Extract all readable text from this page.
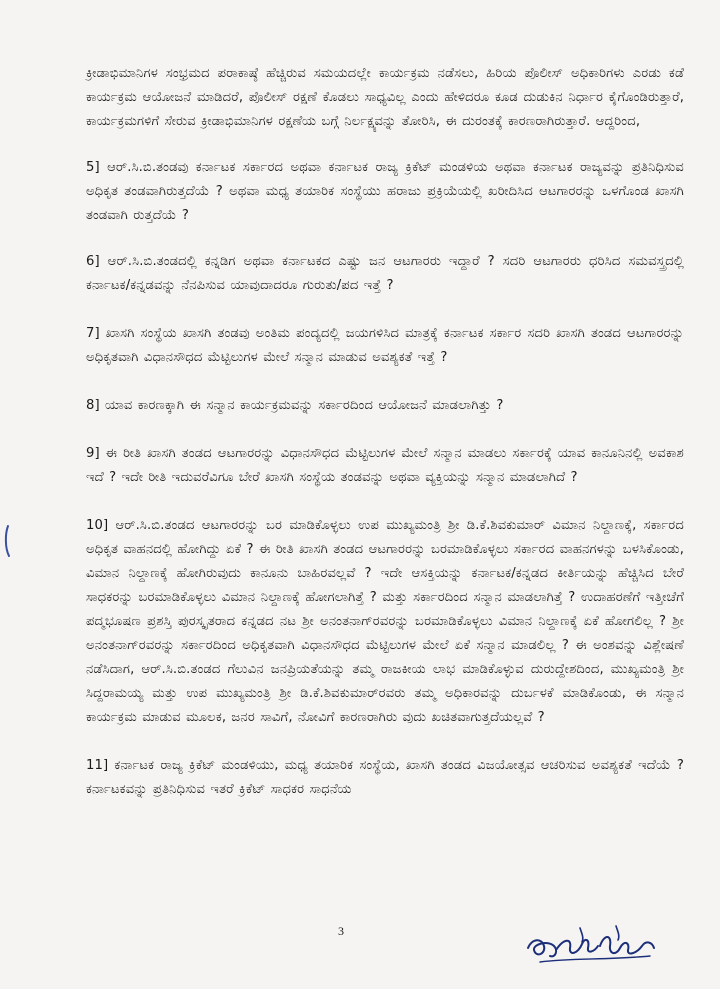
ಕ್ರೀಡಾಭಿಮಾನಿಗಳ ಸಂಭ್ರಮದ ಪರಾಕಾಷ್ಠೆ ಹೆಚ್ಚಿರುವ ಸಮಯದಲ್ಲೇ ಕಾರ್ಯಕ್ರಮ ನಡೆಸಲು, ಹಿರಿಯ ಪೊಲೀಸ್ ಅಧಿಕಾರಿಗಳು ಎರಡು ಕಡೆ ಕಾರ್ಯಕ್ರಮ ಆಯೋಜನೆ ಮಾಡಿದರೆ, ಪೊಲೀಸ್ ರಕ್ಷಣೆ ಕೊಡಲು ಸಾಧ್ಯವಿಲ್ಲ ಎಂದು ಹೇಳಿದರೂ ಕೂಡ ದುಡುಕಿನ ನಿರ್ಧಾರ ಕೈಗೊಂಡಿರುತ್ತಾರೆ, ಕಾರ್ಯಕ್ರಮಗಳಿಗೆ ಸೇರುವ ಕ್ರೀಡಾಭಿಮಾನಿಗಳ ರಕ್ಷಣೆಯ ಬಗ್ಗೆ ನಿರ್ಲಕ್ಷ್ಯವನ್ನು ತೋರಿಸಿ, ಈ ದುರಂತಕ್ಕೆ ಕಾರಣರಾಗಿರುತ್ತಾರೆ. ಆದ್ದರಿಂದ,

5] ಆರ್.ಸಿ.ಬಿ.ತಂಡವು ಕರ್ನಾಟಕ ಸರ್ಕಾರದ ಅಥವಾ ಕರ್ನಾಟಕ ರಾಜ್ಯ ಕ್ರಿಕೆಟ್ ಮಂಡಳಿಯ ಅಥವಾ ಕರ್ನಾಟಕ ರಾಜ್ಯವನ್ನು ಪ್ರತಿನಿಧಿಸುವ ಅಧಿಕೃತ ತಂಡವಾಗಿರುತ್ತದೆಯೆ ? ಅಥವಾ ಮಧ್ಯ ತಯಾರಿಕ ಸಂಸ್ಥೆಯು ಹರಾಜು ಪ್ರಕ್ರಿಯೆಯಲ್ಲಿ ಖರೀದಿಸಿದ ಆಟಗಾರರನ್ನು ಒಳಗೊಂಡ ಖಾಸಗಿ ತಂಡವಾಗಿ ರುತ್ತದೆಯೆ ?

6] ಆರ್.ಸಿ.ಬಿ.ತಂಡದಲ್ಲಿ ಕನ್ನಡಿಗ ಅಥವಾ ಕರ್ನಾಟಕದ ಎಷ್ಟು ಜನ ಆಟಗಾರರು ಇದ್ದಾರೆ ? ಸದರಿ ಆಟಗಾರರು ಧರಿಸಿದ ಸಮವಸ್ತ್ರದಲ್ಲಿ ಕರ್ನಾಟಕ/ಕನ್ನಡವನ್ನು ನೆನಪಿಸುವ ಯಾವುದಾದರೂ ಗುರುತು/ಪದ ಇತ್ತೆ ?

7] ಖಾಸಗಿ ಸಂಸ್ಥೆಯ ಖಾಸಗಿ ತಂಡವು ಅಂತಿಮ ಪಂದ್ಯದಲ್ಲಿ ಜಯಗಳಿಸಿದ ಮಾತ್ರಕ್ಕೆ ಕರ್ನಾಟಕ ಸರ್ಕಾರ ಸದರಿ ಖಾಸಗಿ ತಂಡದ ಆಟಗಾರರನ್ನು ಅಧಿಕೃತವಾಗಿ ವಿಧಾನಸೌಧದ ಮೆಟ್ಟಿಲುಗಳ ಮೇಲೆ ಸನ್ಮಾನ ಮಾಡುವ ಅವಶ್ಯಕತೆ ಇತ್ತೆ ?

8] ಯಾವ ಕಾರಣಕ್ಕಾಗಿ ಈ ಸನ್ಮಾನ ಕಾರ್ಯಕ್ರಮವನ್ನು ಸರ್ಕಾರದಿಂದ ಆಯೋಜನೆ ಮಾಡಲಾಗಿತ್ತು ?

9] ಈ ರೀತಿ ಖಾಸಗಿ ತಂಡದ ಆಟಗಾರರನ್ನು ವಿಧಾನಸೌಧದ ಮೆಟ್ಟಿಲುಗಳ ಮೇಲೆ ಸನ್ಮಾನ ಮಾಡಲು ಸರ್ಕಾರಕ್ಕೆ ಯಾವ ಕಾನೂನಿನಲ್ಲಿ ಅವಕಾಶ ಇದೆ ? ಇದೇ ರೀತಿ ಇದುವರೆವಿಗೂ ಬೇರೆ ಖಾಸಗಿ ಸಂಸ್ಥೆಯ ತಂಡವನ್ನು ಅಥವಾ ವ್ಯಕ್ತಿಯನ್ನು ಸನ್ಮಾನ ಮಾಡಲಾಗಿದೆ ?

10] ಆರ್.ಸಿ.ಬಿ.ತಂಡದ ಆಟಗಾರರನ್ನು ಬರ ಮಾಡಿಕೊಳ್ಳಲು ಉಪ ಮುಖ್ಯಮಂತ್ರಿ ಶ್ರೀ ಡಿ.ಕೆ.ಶಿವಕುಮಾರ್ ವಿಮಾನ ನಿಲ್ದಾಣಕ್ಕೆ, ಸರ್ಕಾರದ ಅಧಿಕೃತ ವಾಹನದಲ್ಲಿ ಹೋಗಿದ್ದು ಏಕೆ ? ಈ ರೀತಿ ಖಾಸಗಿ ತಂಡದ ಆಟಗಾರರನ್ನು ಬರಮಾಡಿಕೊಳ್ಳಲು ಸರ್ಕಾರದ ವಾಹನಗಳನ್ನು ಬಳಸಿಕೊಂಡು, ವಿಮಾನ ನಿಲ್ದಾಣಕ್ಕೆ ಹೋಗಿರುವುದು ಕಾನೂನು ಬಾಹಿರವಲ್ಲವೆ ? ಇದೇ ಆಸಕ್ತಿಯನ್ನು ಕರ್ನಾಟಕ/ಕನ್ನಡದ ಕೀರ್ತಿಯನ್ನು ಹೆಚ್ಚಿಸಿದ ಬೇರೆ ಸಾಧಕರನ್ನು ಬರಮಾಡಿಕೊಳ್ಳಲು ವಿಮಾನ ನಿಲ್ದಾಣಕ್ಕೆ ಹೋಗಲಾಗಿತ್ತೆ ? ಮತ್ತು ಸರ್ಕಾರದಿಂದ ಸನ್ಮಾನ ಮಾಡಲಾಗಿತ್ತೆ ? ಉದಾಹರಣೆಗೆ ಇತ್ತೀಚೆಗೆ ಪದ್ಮಭೂಷಣ ಪ್ರಶಸ್ತಿ ಪುರಸ್ಕೃತರಾದ ಕನ್ನಡದ ನಟ ಶ್ರೀ ಅನಂತನಾಗ್‌ರವರನ್ನು ಬರಮಾಡಿಕೊಳ್ಳಲು ವಿಮಾನ ನಿಲ್ದಾಣಕ್ಕೆ ಏಕೆ ಹೋಗಲಿಲ್ಲ ? ಶ್ರೀ ಅನಂತನಾಗ್‌ರವರನ್ನು ಸರ್ಕಾರದಿಂದ ಅಧಿಕೃತವಾಗಿ ವಿಧಾನಸೌಧದ ಮೆಟ್ಟಿಲುಗಳ ಮೇಲೆ ಏಕೆ ಸನ್ಮಾನ ಮಾಡಲಿಲ್ಲ ? ಈ ಅಂಶವನ್ನು ವಿಶ್ಲೇಷಣೆ ನಡೆಸಿದಾಗ, ಆರ್.ಸಿ.ಬಿ.ತಂಡದ ಗೆಲುವಿನ ಜನಪ್ರಿಯತೆಯನ್ನು ತಮ್ಮ ರಾಜಕೀಯ ಲಾಭ ಮಾಡಿಕೊಳ್ಳುವ ದುರುದ್ದೇಶದಿಂದ, ಮುಖ್ಯಮಂತ್ರಿ ಶ್ರೀ ಸಿದ್ದರಾಮಯ್ಯ ಮತ್ತು ಉಪ ಮುಖ್ಯಮಂತ್ರಿ ಶ್ರೀ ಡಿ.ಕೆ.ಶಿವಕುಮಾರ್‌ರವರು ತಮ್ಮ ಅಧಿಕಾರವನ್ನು ದುರ್ಬಳಕೆ ಮಾಡಿಕೊಂಡು, ಈ ಸನ್ಮಾನ ಕಾರ್ಯಕ್ರಮ ಮಾಡುವ ಮೂಲಕ, ಜನರ ಸಾವಿಗೆ, ನೋವಿಗೆ ಕಾರಣರಾಗಿರು ವುದು ಖಚಿತವಾಗುತ್ತದೆಯಲ್ಲವೆ ?

11] ಕರ್ನಾಟಕ ರಾಜ್ಯ ಕ್ರಿಕೆಟ್ ಮಂಡಳಿಯು, ಮಧ್ಯ ತಯಾರಿಕ ಸಂಸ್ಥೆಯ, ಖಾಸಗಿ ತಂಡದ ವಿಜಯೋತ್ಸವ ಆಚರಿಸುವ ಅವಶ್ಯಕತೆ ಇದೆಯೆ ? ಕರ್ನಾಟಕವನ್ನು ಪ್ರತಿನಿಧಿಸುವ ಇತರೆ ಕ್ರಿಕೆಟ್ ಸಾಧಕರ ಸಾಧನೆಯ

3
